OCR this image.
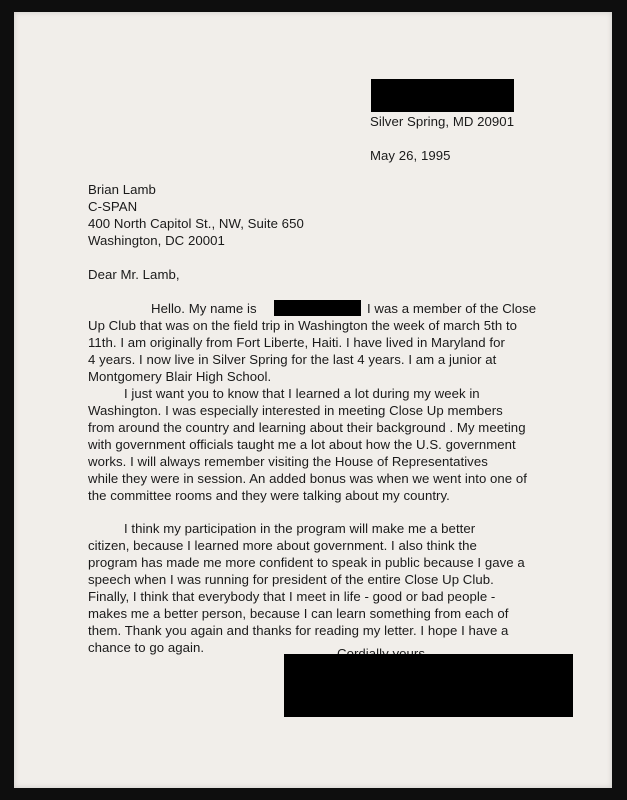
Silver Spring, MD 20901
May 26, 1995
Brian Lamb
C-SPAN
400 North Capitol St., NW, Suite 650
Washington, DC 20001
Dear Mr. Lamb,
Hello. My name is	I was a member of the Close
Up Club that was on the field trip in Washington the week of march 5th to
11th. I am originally from Fort Liberte, Haiti. I have lived in Maryland for
4 years. I now live in Silver Spring for the last 4 years. I am a junior at
Montgomery Blair High School.
I just want you to know that I learned a lot during my week in
Washington. I was especially interested in meeting Close Up members
from around the country and learning about their background . My meeting
with government officials taught me a lot about how the U.S. government
works. I will always remember visiting the House of Representatives
while they were in session. An added bonus was when we went into one of
the committee rooms and they were talking about my country.
I think my participation in the program will make me a better
citizen, because I learned more about government. I also think the
program has made me more confident to speak in public because I gave a
speech when I was running for president of the entire Close Up Club.
Finally, I think that everybody that I meet in life - good or bad people -
makes me a better person, because I can learn something from each of
them. Thank you again and thanks for reading my letter. I hope I have a
chance to go again.
